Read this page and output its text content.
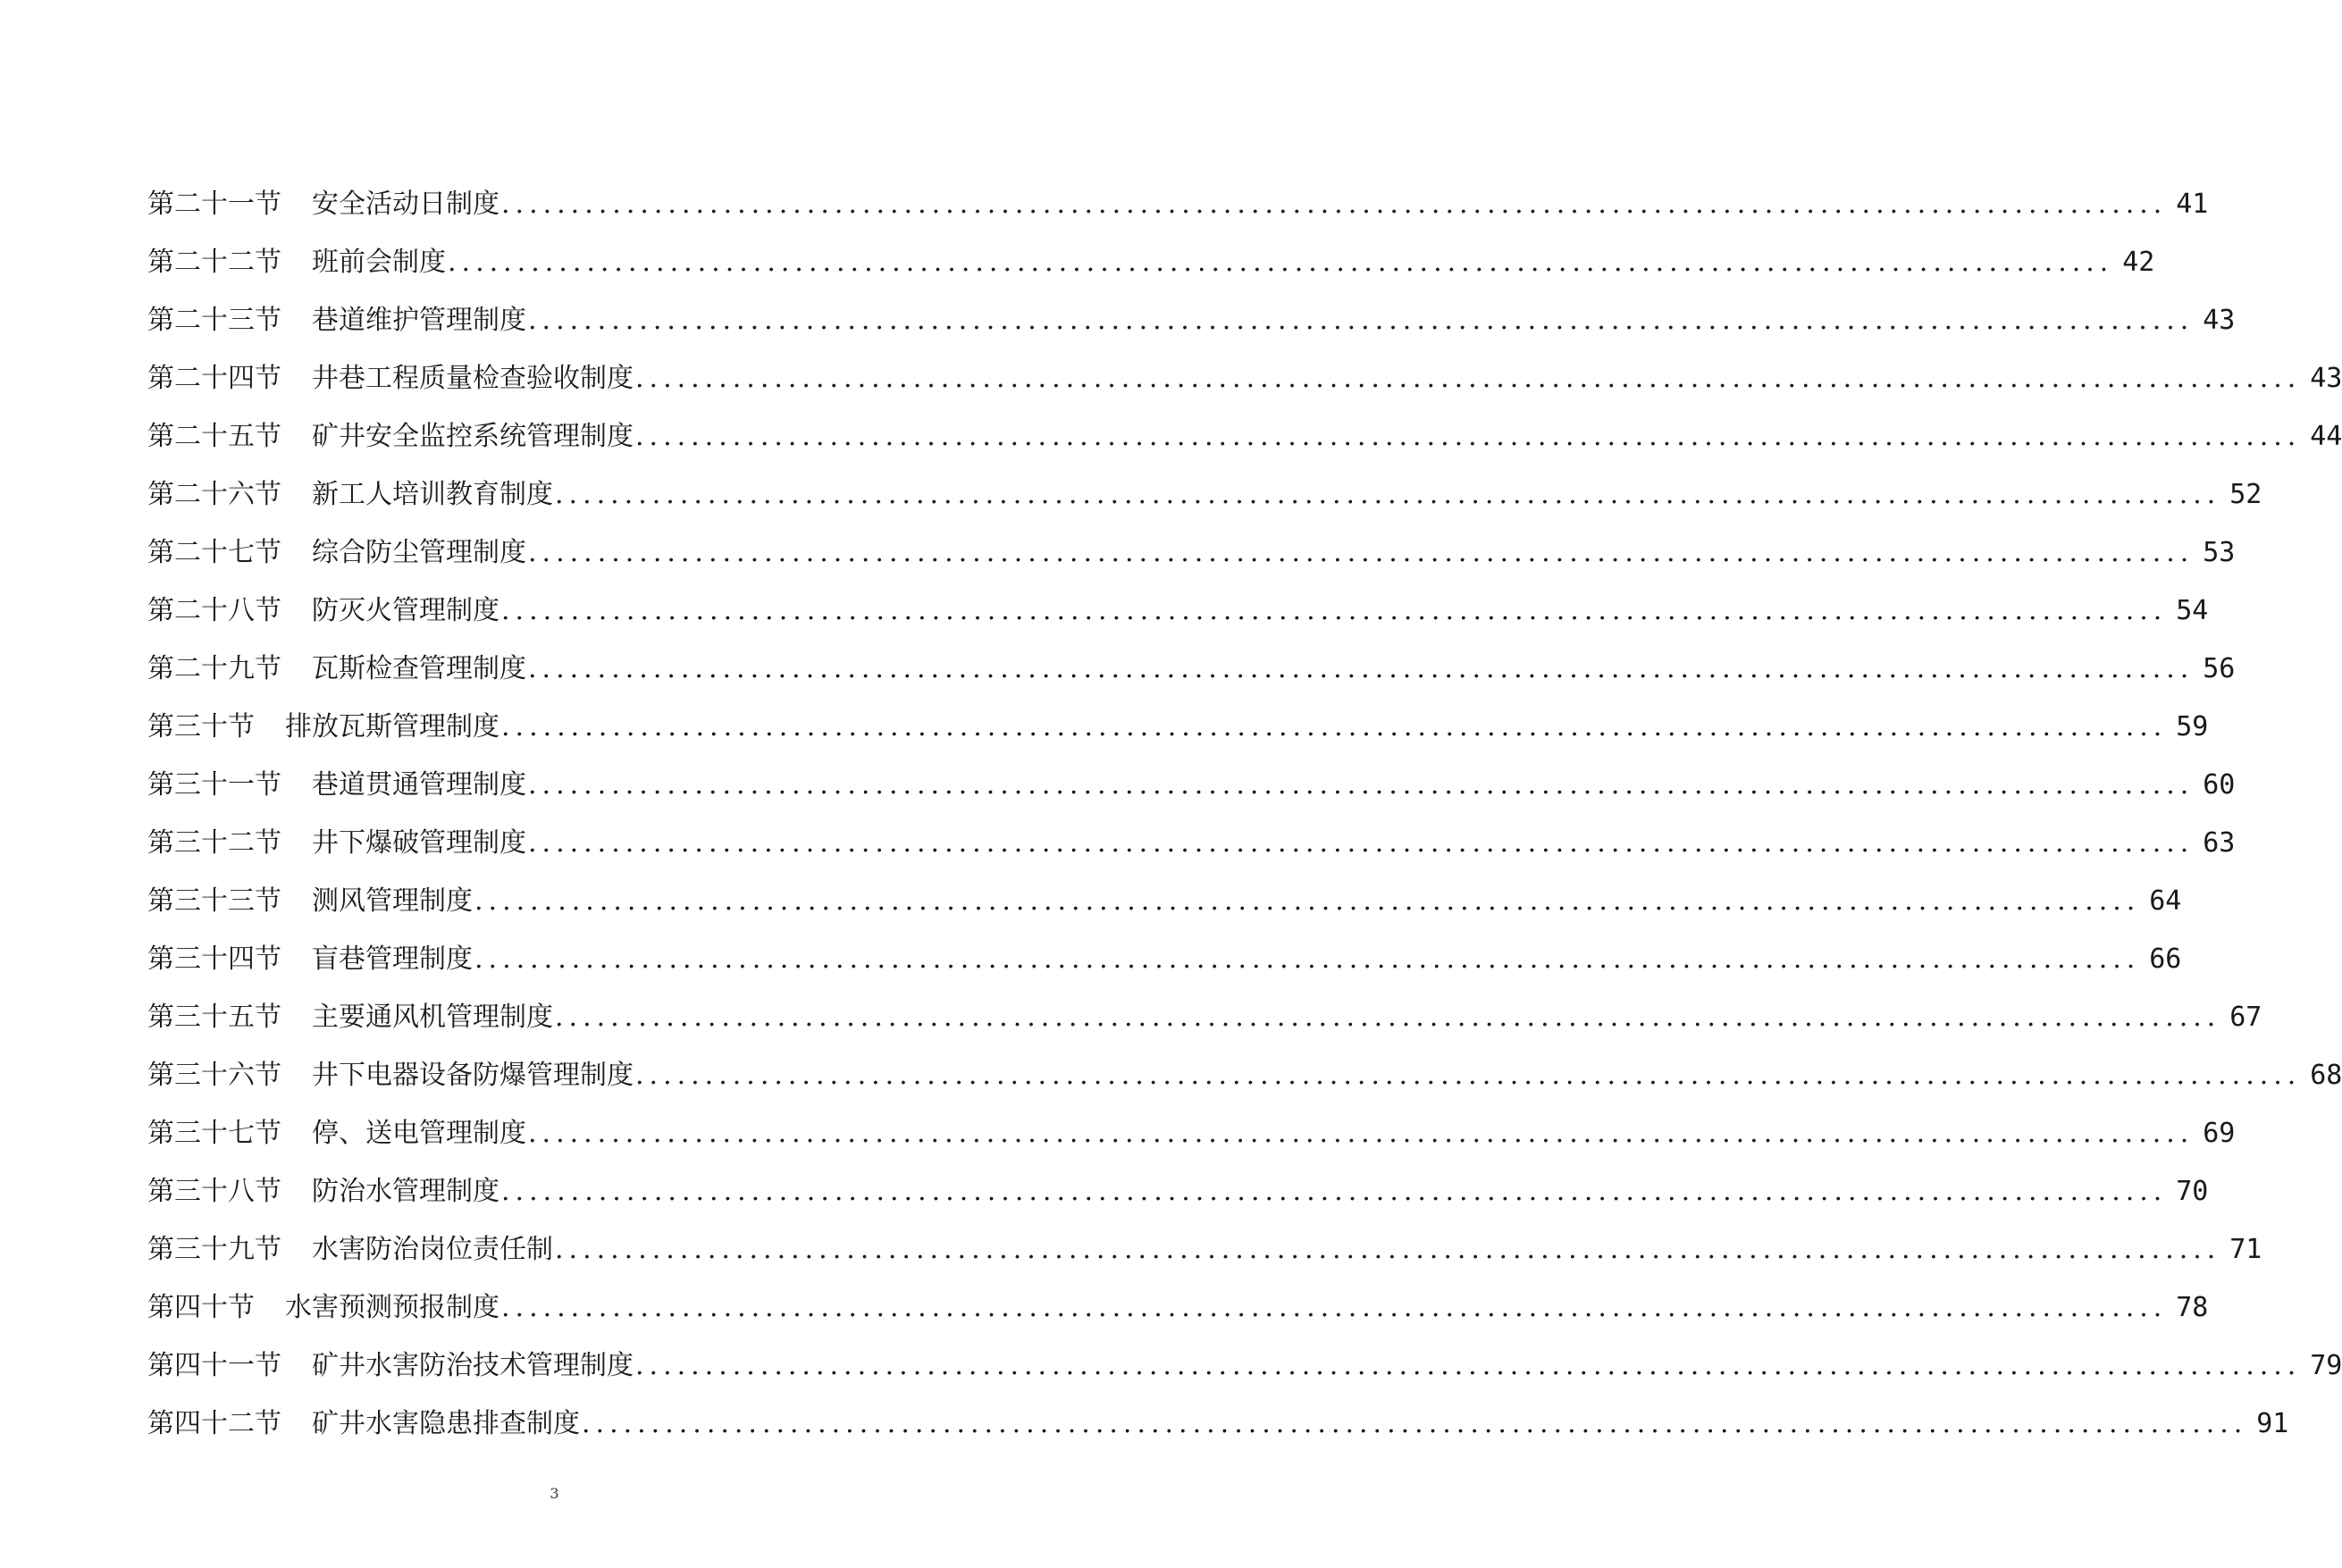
第二十一节 安全活动日制度 ........................................................................................................................ 41
第二十二节 班前会制度 ........................................................................................................................ 42
第二十三节 巷道维护管理制度 ........................................................................................................................ 43
第二十四节 井巷工程质量检查验收制度 ........................................................................................................................ 43
第二十五节 矿井安全监控系统管理制度 ........................................................................................................................ 44
第二十六节 新工人培训教育制度 ........................................................................................................................ 52
第二十七节 综合防尘管理制度 ........................................................................................................................ 53
第二十八节 防灭火管理制度 ........................................................................................................................ 54
第二十九节 瓦斯检查管理制度 ........................................................................................................................ 56
第三十节 排放瓦斯管理制度 ........................................................................................................................ 59
第三十一节 巷道贯通管理制度 ........................................................................................................................ 60
第三十二节 井下爆破管理制度 ........................................................................................................................ 63
第三十三节 测风管理制度 ........................................................................................................................ 64
第三十四节 盲巷管理制度 ........................................................................................................................ 66
第三十五节 主要通风机管理制度 ........................................................................................................................ 67
第三十六节 井下电器设备防爆管理制度 ........................................................................................................................ 68
第三十七节 停、送电管理制度 ........................................................................................................................ 69
第三十八节 防治水管理制度 ........................................................................................................................ 70
第三十九节 水害防治岗位责任制 ........................................................................................................................ 71
第四十节 水害预测预报制度 ........................................................................................................................ 78
第四十一节 矿井水害防治技术管理制度 ........................................................................................................................ 79
第四十二节 矿井水害隐患排查制度 ........................................................................................................................ 91
3
